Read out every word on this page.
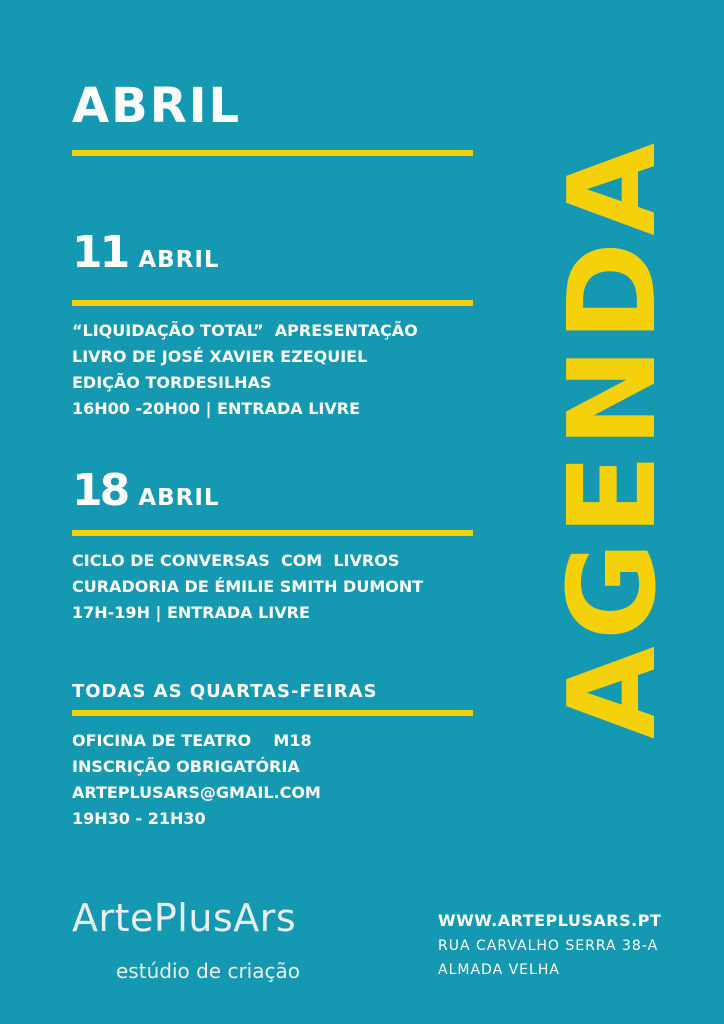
ABRIL
11 ABRIL
“LIQUIDAÇÃO TOTAL”  APRESENTAÇÃO
LIVRO DE JOSÉ XAVIER EZEQUIEL
EDIÇÃO TORDESILHAS
16H00 -20H00 | ENTRADA LIVRE
18 ABRIL
CICLO DE CONVERSAS  COM  LIVROS
CURADORIA DE ÉMILIE SMITH DUMONT
17H-19H | ENTRADA LIVRE
TODAS AS QUARTAS-FEIRAS
OFICINA DE TEATRO    M18
INSCRIÇÃO OBRIGATÓRIA
ARTEPLUSARS@GMAIL.COM
19H30 - 21H30
AGENDA
ArtePlusArs
estúdio de criação
WWW.ARTEPLUSARS.PT
RUA CARVALHO SERRA 38-A
ALMADA VELHA
